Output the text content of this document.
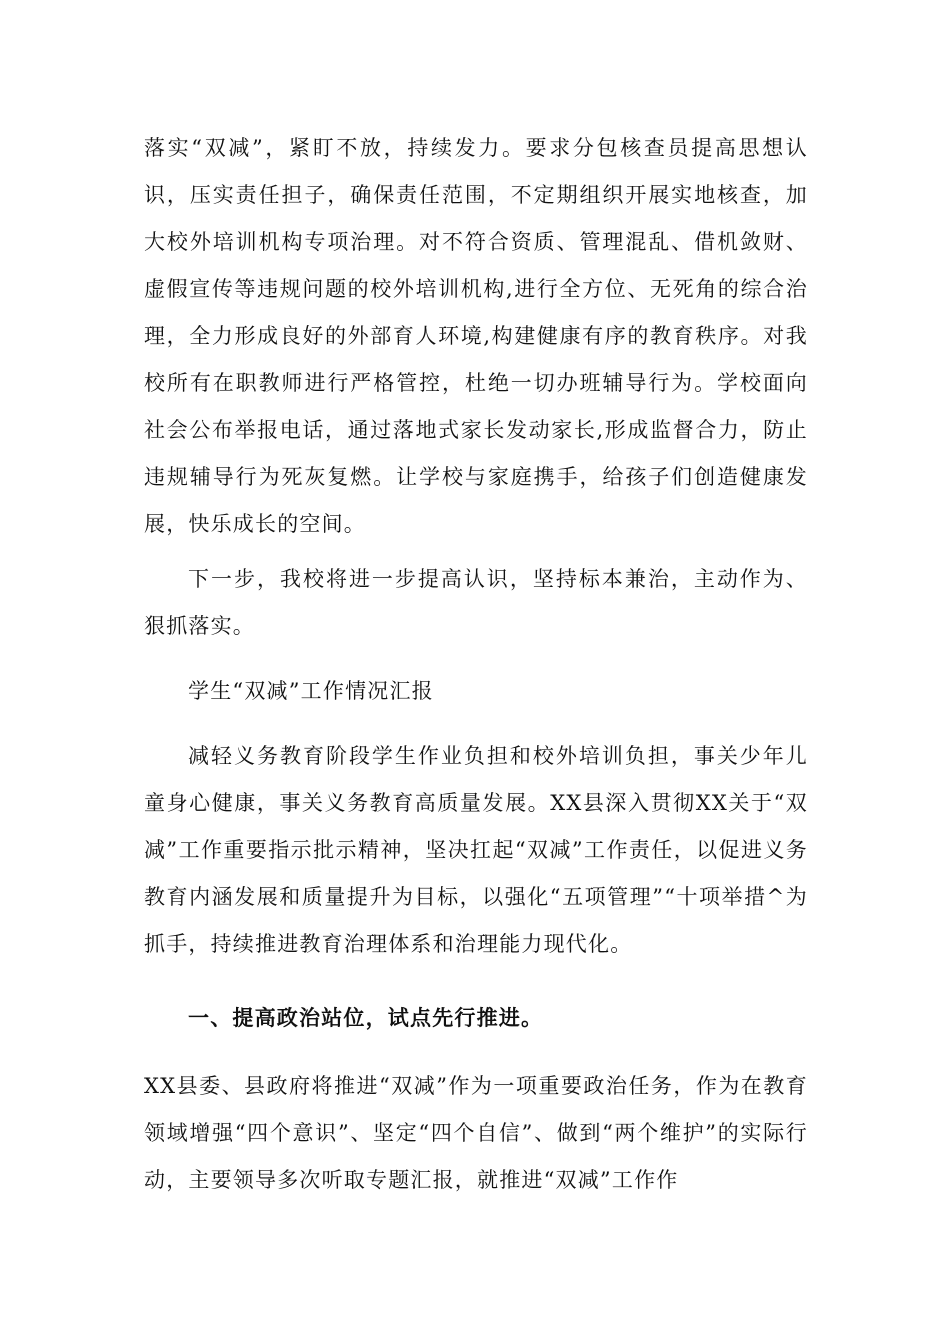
落实“双减”，紧盯不放，持续发力。要求分包核查员提高思想认识，压实责任担子，确保责任范围，不定期组织开展实地核查，加大校外培训机构专项治理。对不符合资质、管理混乱、借机敛财、虚假宣传等违规问题的校外培训机构,进行全方位、无死角的综合治理，全力形成良好的外部育人环境,构建健康有序的教育秩序。对我校所有在职教师进行严格管控，杜绝一切办班辅导行为。学校面向社会公布举报电话，通过落地式家长发动家长,形成监督合力，防止违规辅导行为死灰复燃。让学校与家庭携手，给孩子们创造健康发展，快乐成长的空间。

下一步，我校将进一步提高认识，坚持标本兼治，主动作为、狠抓落实。

学生“双减”工作情况汇报

减轻义务教育阶段学生作业负担和校外培训负担，事关少年儿童身心健康，事关义务教育高质量发展。XX县深入贯彻XX关于“双减”工作重要指示批示精神，坚决扛起“双减”工作责任，以促进义务教育内涵发展和质量提升为目标，以强化“五项管理”“十项举措^为抓手，持续推进教育治理体系和治理能力现代化。

一、提高政治站位，试点先行推进。

XX县委、县政府将推进“双减”作为一项重要政治任务，作为在教育领域增强“四个意识”、坚定“四个自信”、做到“两个维护”的实际行动，主要领导多次听取专题汇报，就推进“双减”工作作
